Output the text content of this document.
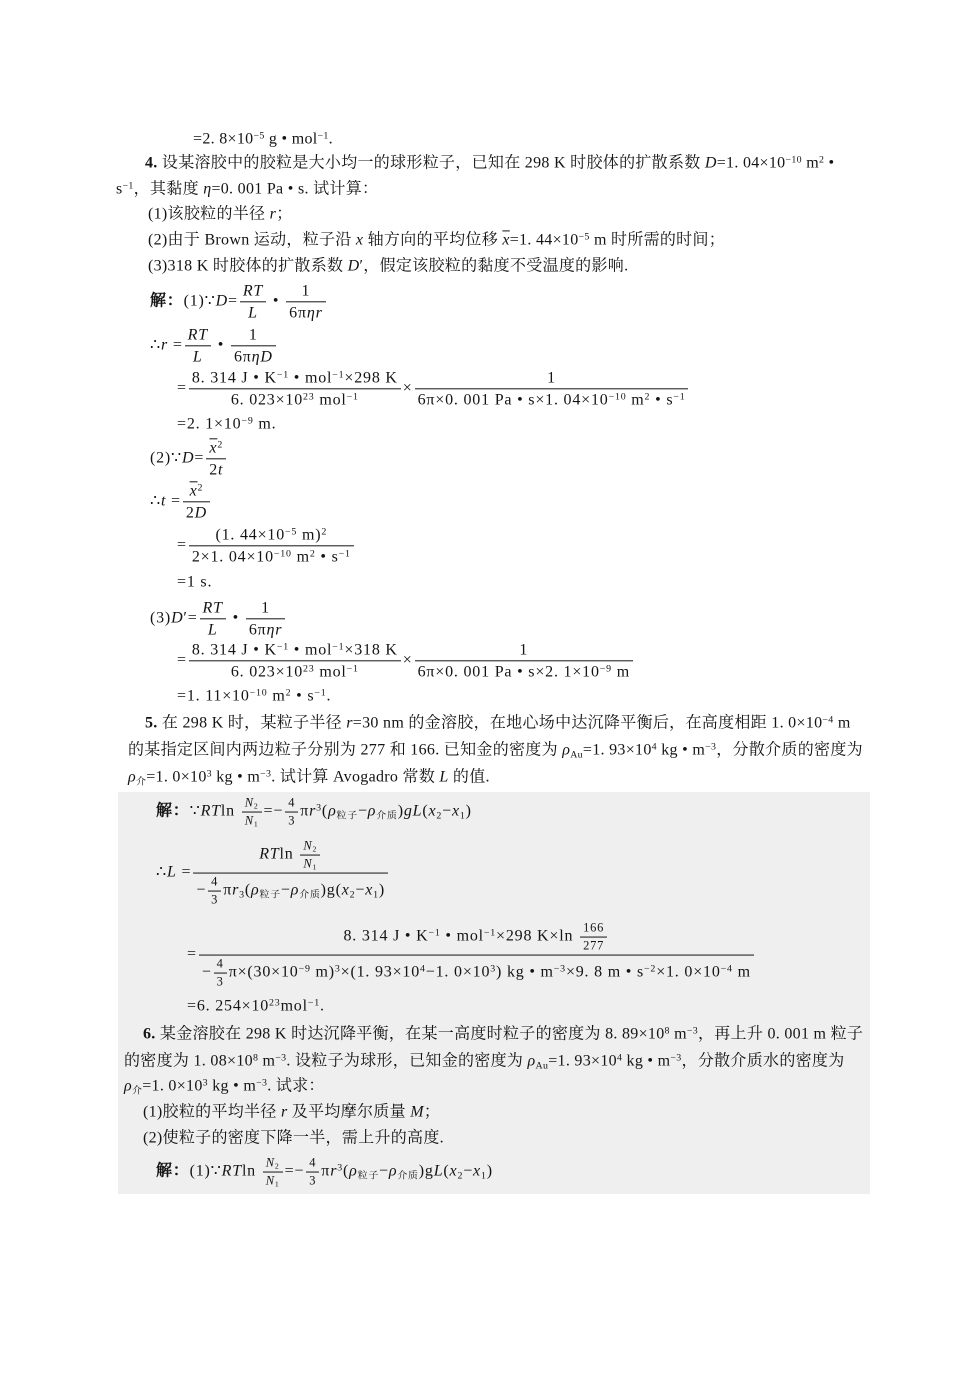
=2. $8\times 10^{-5}$ g • mol$^{-1}$.
4. 设某溶胶中的胶粒是大小均一的球形粒子，已知在 298 K 时胶体的扩散系数 D=1. $04\times 10^{-10}$ $m^2$ •
$s^{-1}$，其黏度 η=0. 001 Pa • s. 试计算：
(1)该胶粒的半径 r；
(2)由于 Brown 运动，粒子沿 x 轴方向的平均位移 $\overline{x}=1$. $44\times 10^{-5}$ m 时所需的时间；
(3)318 K 时胶体的扩散系数 D′，假定该胶粒的黏度不受温度的影响.
解：(1)∵D= $\frac{RT}{L}$ • $\frac{1}{\text{6πηr}}$
∴r = $\frac{RT}{L}$ • $\frac{1}{\text{6πηD}}$
= $\frac{8. 314 J • K^{-1} • mol^{-1}\times 298 K}{6. 023\times 10^{23} mol^{-1}} \times \frac{1}{6\pi\times 0. 001 Pa • s\times 1. 04\times 10^{-10} m^2 • s^{-1}}$
=2. $1\times 10^{-9}$ m.
(2)∵D= $\frac{\overline{x}^2}{2t}$
∴t = $\frac{\overline{x}^2}{2D}$
= $\frac{(1. 44\times 10^{-5} m)^2}{2\times 1. 04\times 10^{-10} m^2 • s^{-1}}$
=1 s.
$(3)D'= \frac{RT}{L}$ • $\frac{1}{\text{6πηr}}$
= $\frac{8. 314 J • K^{-1} • mol^{-1}\times 318 K}{6. 023\times 10^{23} mol^{-1}} \times \frac{1}{6\pi\times 0. 001 Pa • s\times 2. 1\times 10^{-9} m}$
=1. $11\times 10^{-10}$ $m^2$ • $s^{-1}$.
5. 在 298 K 时，某粒子半径 r=30 nm 的金溶胶，在地心场中达沉降平衡后，在高度相距 1. $0\times 10^{-4}$ m
的某指定区间内两边粒子分别为 277 和 166. 已知金的密度为 $\rho_{Au}=1$. $93\times 10^4$ kg • $m^{-3}$，分散介质的密度为
$\rho_介=1$. $0\times 10^3$ kg • $m^{-3}$. 试计算 Avogadro 常数 L 的值.
解：∵RTln $\frac{N_2}{N_1} =- \frac{4}{3} \pi r^3(\rho_{粒子}-\rho_{介质})gL(x_2-x_1)$
∴L = $\frac{RTln \frac{N_2}{N_1}}{- \frac{4}{3} \pi r_3(\rho_{粒子}-\rho_{介质})g(x_2-x_1)}$
=
8. 314 J • $K^{-1}$ • mol$^{-1}$×298 $K\times\ln \frac{166}{277}$
− $\frac{4}{3} \pi\times(30\times 10^{-9}$ m)$^3$×(1. $93\times 10^4-1$. $0\times 10^3$) kg • $m^{-3}\times 9$. 8 m • $s^{-2}\times 1$. $0\times 10^{-4}$ m
=6. $254\times 10^{23}mol^{-1}$.
6. 某金溶胶在 298 K 时达沉降平衡，在某一高度时粒子的密度为 8. $89\times 10^8$ $m^{-3}$，再上升 0. 001 m 粒子
的密度为 1. $08\times 10^8$ $m^{-3}$. 设粒子为球形，已知金的密度为 $\rho_{Au}=1$. $93\times 10^4$ kg • $m^{-3}$，分散介质水的密度为
$\rho_介=1$. $0\times 10^3$ kg • $m^{-3}$. 试求：
(1)胶粒的平均半径 r 及平均摩尔质量 M；
(2)使粒子的密度下降一半，需上升的高度.
解：(1)∵RTln $\frac{N_2}{N_1} =- \frac{4}{3} \pi r^3(\rho_{粒子}-\rho_{介质})gL(x_2-x_1)$
